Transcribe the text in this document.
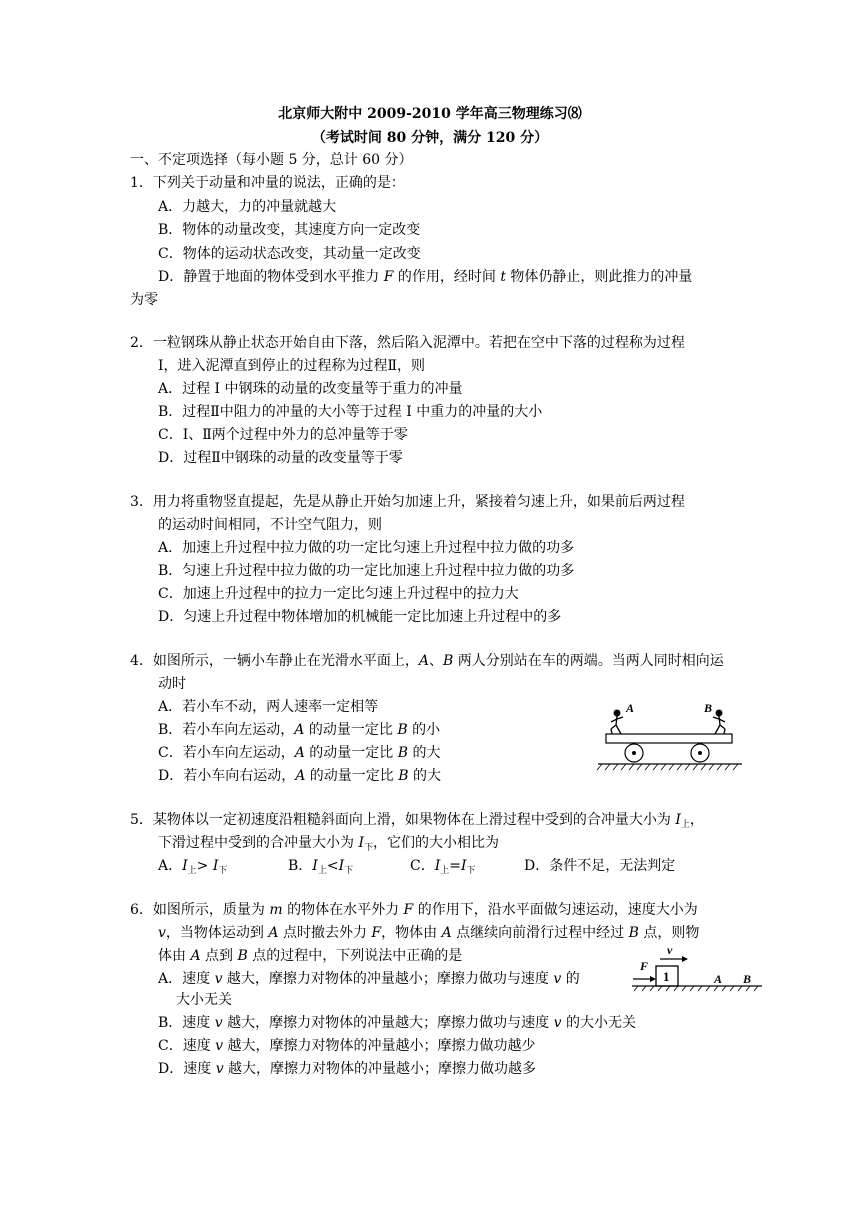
北京师大附中 2009-2010 学年高三物理练习⑻
（考试时间 80 分钟，满分 120 分）
一、不定项选择（每小题 5 分，总计 60 分）
1．下列关于动量和冲量的说法，正确的是：
A．力越大，力的冲量就越大
B．物体的动量改变，其速度方向一定改变
C．物体的运动状态改变，其动量一定改变
D．静置于地面的物体受到水平推力 F 的作用，经时间 t 物体仍静止，则此推力的冲量
为零
2．一粒钢珠从静止状态开始自由下落，然后陷入泥潭中。若把在空中下落的过程称为过程
Ⅰ，进入泥潭直到停止的过程称为过程Ⅱ，则
A．过程 I 中钢珠的动量的改变量等于重力的冲量
B．过程Ⅱ中阻力的冲量的大小等于过程 I 中重力的冲量的大小
C．I、Ⅱ两个过程中外力的总冲量等于零
D．过程Ⅱ中钢珠的动量的改变量等于零
3．用力将重物竖直提起，先是从静止开始匀加速上升，紧接着匀速上升，如果前后两过程
的运动时间相同，不计空气阻力，则
A．加速上升过程中拉力做的功一定比匀速上升过程中拉力做的功多
B．匀速上升过程中拉力做的功一定比加速上升过程中拉力做的功多
C．加速上升过程中的拉力一定比匀速上升过程中的拉力大
D．匀速上升过程中物体增加的机械能一定比加速上升过程中的多
4．如图所示，一辆小车静止在光滑水平面上，A、B 两人分别站在车的两端。当两人同时相向运
动时
A．若小车不动，两人速率一定相等
B．若小车向左运动，A 的动量一定比 B 的小
C．若小车向左运动，A 的动量一定比 B 的大
D．若小车向右运动，A 的动量一定比 B 的大
A	B
5．某物体以一定初速度沿粗糙斜面向上滑，如果物体在上滑过程中受到的合冲量大小为 $I_上$，
下滑过程中受到的合冲量大小为 $I_下$，它们的大小相比为
A．$I_上> I_下$	B．$I_上<I_下$	C．$I_上=I_下$	D．条件不足，无法判定
6．如图所示，质量为 m 的物体在水平外力 F 的作用下，沿水平面做匀速运动，速度大小为
v，当物体运动到 A 点时撤去外力 F，物体由 A 点继续向前滑行过程中经过 B 点，则物
体由 A 点到 B 点的过程中，下列说法中正确的是
A．速度 v 越大，摩擦力对物体的冲量越小；摩擦力做功与速度 v 的
大小无关
B．速度 v 越大，摩擦力对物体的冲量越大；摩擦力做功与速度 v 的大小无关
C．速度 v 越大，摩擦力对物体的冲量越小；摩擦力做功越少
D．速度 v 越大，摩擦力对物体的冲量越小；摩擦力做功越多
v
F
1	A B
